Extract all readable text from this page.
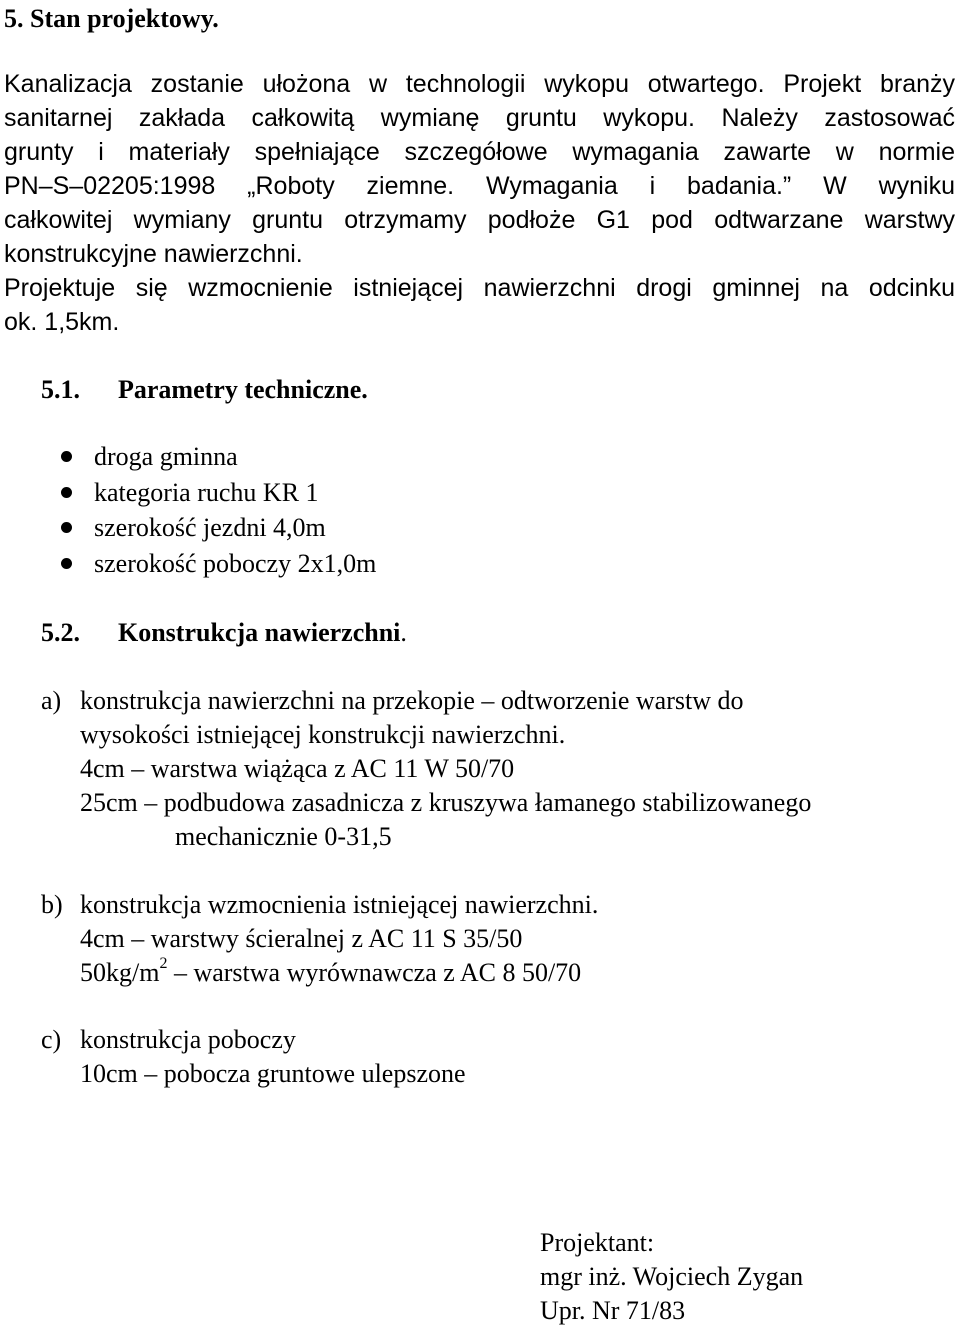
5. Stan projektowy.
Kanalizacja zostanie ułożona w technologii wykopu otwartego. Projekt branży
sanitarnej zakłada całkowitą wymianę gruntu wykopu. Należy zastosować
grunty i materiały spełniające szczegółowe wymagania zawarte w normie
PN–S–02205:1998 „Roboty ziemne. Wymagania i badania.” W wyniku
całkowitej wymiany gruntu otrzymamy podłoże G1 pod odtwarzane warstwy
konstrukcyjne nawierzchni.
Projektuje się wzmocnienie istniejącej nawierzchni drogi gminnej na odcinku
ok. 1,5km.
5.1. Parametry techniczne.
droga gminna
kategoria ruchu KR 1
szerokość jezdni 4,0m
szerokość poboczy 2x1,0m
5.2. Konstrukcja nawierzchni.
a) konstrukcja nawierzchni na przekopie – odtworzenie warstw do
wysokości istniejącej konstrukcji nawierzchni.
4cm – warstwa wiążąca z AC 11 W 50/70
25cm – podbudowa zasadnicza z kruszywa łamanego stabilizowanego
mechanicznie 0-31,5
b) konstrukcja wzmocnienia istniejącej nawierzchni.
4cm – warstwy ścieralnej z AC 11 S 35/50
$50kg/m^2$ – warstwa wyrównawcza z AC 8 50/70
c) konstrukcja poboczy
10cm – pobocza gruntowe ulepszone
Projektant:
mgr inż. Wojciech Zygan
Upr. Nr 71/83
